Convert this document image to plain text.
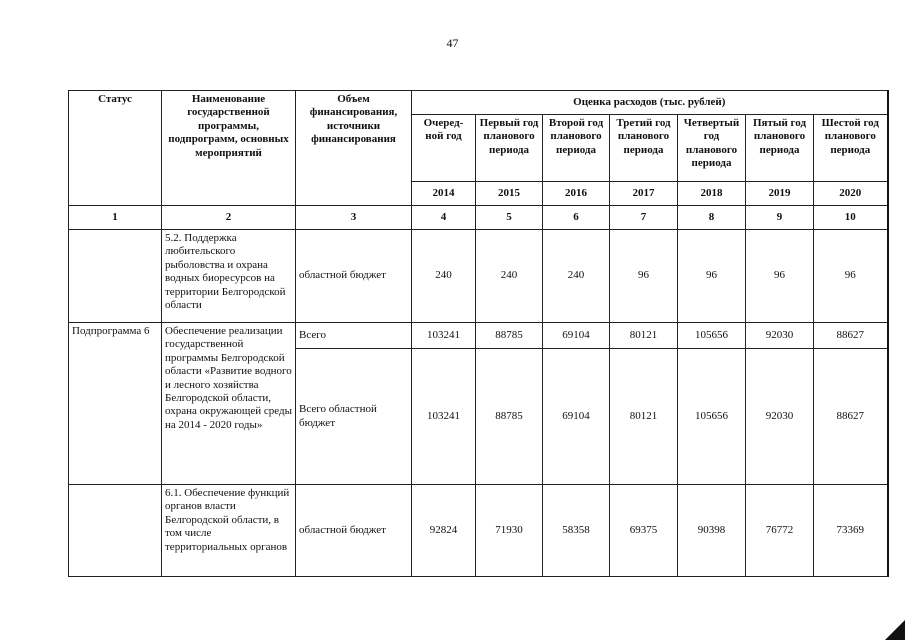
47
Статус	Наименование государственной программы, подпрограмм, основных мероприятий	Объем финансирования, источники финансирования	Оценка расходов (тыс. рублей)						
			Очеред-ной год	Первый год планового периода	Второй год планового периода	Третий год планового периода	Четвертый год планового периода	Пятый год планового периода	Шестой год планового периода
			2014	2015	2016	2017	2018	2019	2020
1	2	3	4	5	6	7	8	9	10
	5.2. Поддержка любительского рыболовства и охрана водных биоресурсов на территории Белгородской области	областной бюджет	240	240	240	96	96	96	96
Подпрограмма 6	Обеспечение реализации государственной программы Белгородской области «Развитие водного и лесного хозяйства Белгородской области, охрана окружающей среды на 2014 - 2020 годы»	Всего	103241	88785	69104	80121	105656	92030	88627
		Всего областной бюджет	103241	88785	69104	80121	105656	92030	88627
	6.1. Обеспечение функций органов власти Белгородской области, в том числе территориальных органов	областной бюджет	92824	71930	58358	69375	90398	76772	73369
